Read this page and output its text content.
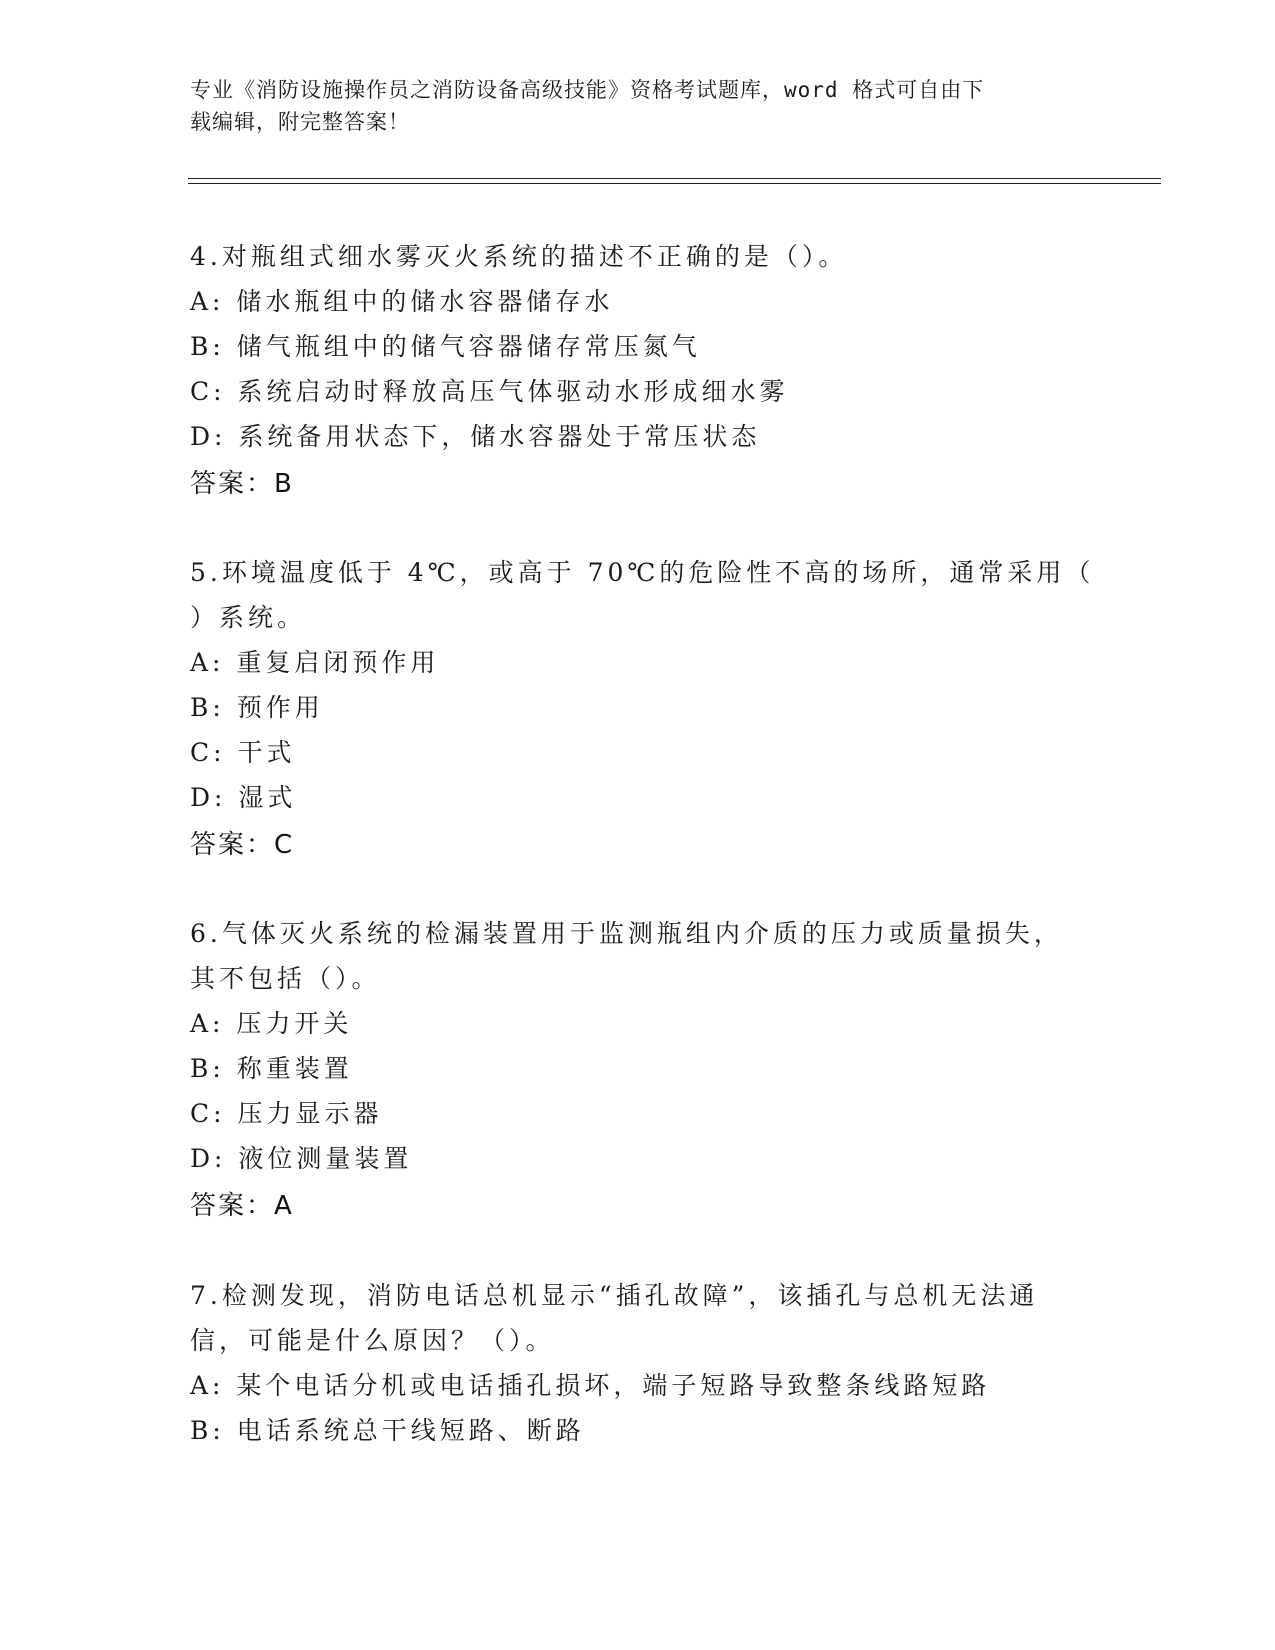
专业《消防设施操作员之消防设备高级技能》资格考试题库，word 格式可自由下
载编辑，附完整答案！
4.对瓶组式细水雾灭火系统的描述不正确的是（）。
A: 储水瓶组中的储水容器储存水
B: 储气瓶组中的储气容器储存常压氮气
C: 系统启动时释放高压气体驱动水形成细水雾
D: 系统备用状态下，储水容器处于常压状态
答案：B
5.环境温度低于 4℃，或高于 70℃的危险性不高的场所，通常采用（
）系统。
A: 重复启闭预作用
B: 预作用
C: 干式
D: 湿式
答案：C
6.气体灭火系统的检漏装置用于监测瓶组内介质的压力或质量损失，
其不包括（）。
A: 压力开关
B: 称重装置
C: 压力显示器
D: 液位测量装置
答案：A
7.检测发现，消防电话总机显示“插孔故障”，该插孔与总机无法通
信，可能是什么原因？（）。
A: 某个电话分机或电话插孔损坏，端子短路导致整条线路短路
B: 电话系统总干线短路、断路
